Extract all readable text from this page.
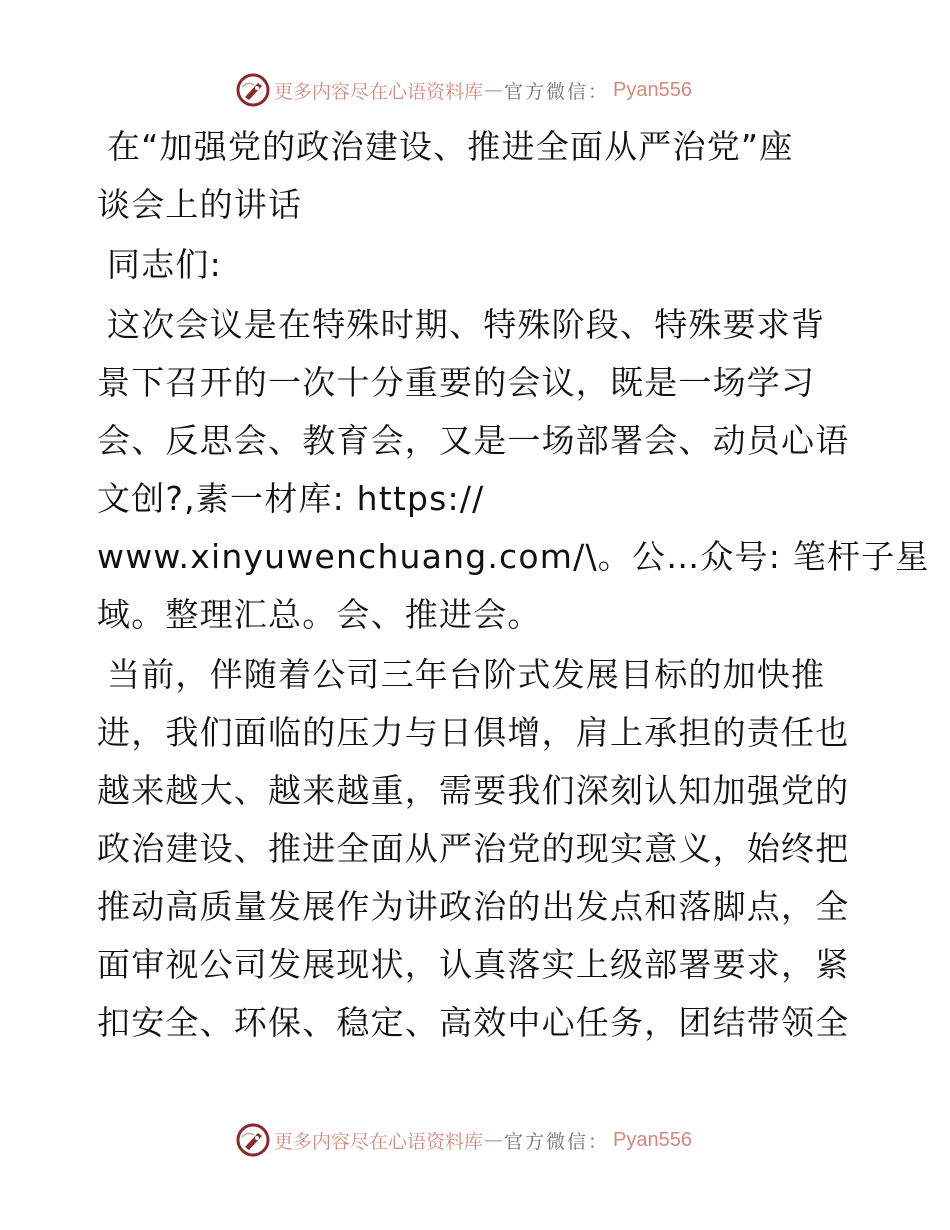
更多内容尽在心语资料库 — 官方微信： Pyan556
在“加强党的政治建设、推进全面从严治党”座
谈会上的讲话
同志们:
这次会议是在特殊时期、特殊阶段、特殊要求背
景下召开的一次十分重要的会议，既是一场学习
会、反思会、教育会，又是一场部署会、动员心语
文创?,素一材库: https://
www.xinyuwenchuang.com/\。公…众号: 笔杆子星
域。整理汇总。会、推进会。
当前，伴随着公司三年台阶式发展目标的加快推
进，我们面临的压力与日俱增，肩上承担的责任也
越来越大、越来越重，需要我们深刻认知加强党的
政治建设、推进全面从严治党的现实意义，始终把
推动高质量发展作为讲政治的出发点和落脚点，全
面审视公司发展现状，认真落实上级部署要求，紧
扣安全、环保、稳定、高效中心任务，团结带领全
更多内容尽在心语资料库 — 官方微信： Pyan556
